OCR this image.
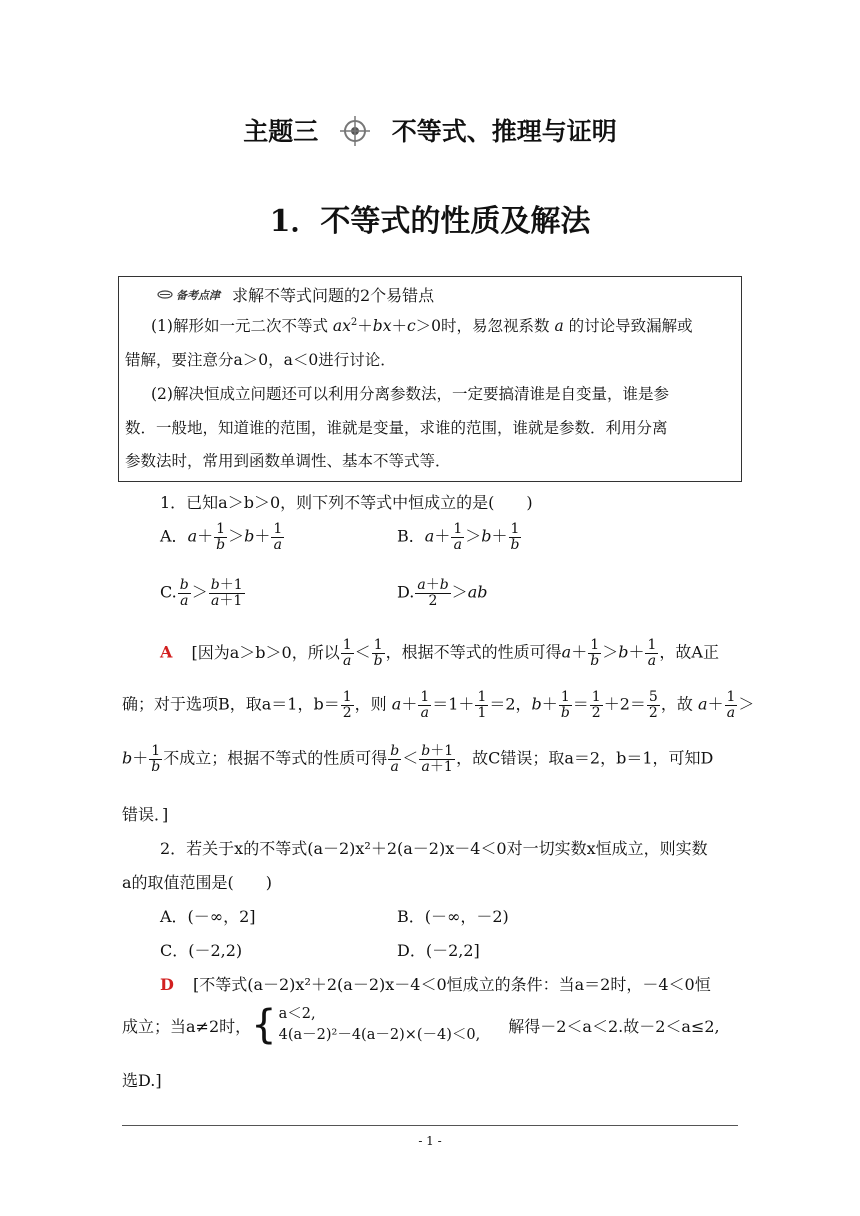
主题三	不等式、推理与证明
1．不等式的性质及解法
备考点津 求解不等式问题的2个易错点
(1)解形如一元二次不等式 $ax^2+bx+c>0$时，易忽视系数 a 的讨论导致漏解或
错解，要注意分a＞0，a＜0进行讨论．
(2)解决恒成立问题还可以利用分离参数法，一定要搞清谁是自变量，谁是参
数．一般地，知道谁的范围，谁就是变量，求谁的范围，谁就是参数．利用分离
参数法时，常用到函数单调性、基本不等式等．
1．已知a＞b＞0，则下列不等式中恒成立的是(　　)
A．$a+ \frac{1}{b} >b+ \frac{1}{a}$	B．$a+ \frac{1}{a} >b+ \frac{1}{b}$
C. $\frac{b}{a} > \frac{b+1}{a+1}$	D. $\frac{a+b}{2} >ab$
A [因为a＞b＞0，所以 $\frac{1}{a} < \frac{1}{b}$ ，根据不等式的性质可得$a+ \frac{1}{b} >b+ \frac{1}{a}$ ，故A正
确；对于选项B，取a＝1，$b= \frac{1}{2}$ ，则 $a+ \frac{1}{a} =1+ \frac{1}{1} =2$，$b+ \frac{1}{b} = \frac{1}{2} +2= \frac{5}{2}$ ，故 $a+ \frac{1}{a}$ ＞
$b+ \frac{1}{b}$ 不成立；根据不等式的性质可得 $\frac{b}{a} < \frac{b+1}{a+1}$ ，故C错误；取a＝2，b＝1，可知D
错误．]
2．若关于x的不等式(a－2)x²＋2(a－2)x－4＜0对一切实数x恒成立，则实数
a的取值范围是(　　)
A．(－∞，2]	B．(－∞，－2)
C．(－2,2)	D．(－2,2]
D [不等式(a－2)x²＋2(a－2)x－4＜0恒成立的条件：当a＝2时，－4＜0恒
成立；当a≠2时， { a＜2,
4(a－2)²－4(a－2)×(－4)＜0, 解得－2＜a＜2.故－2＜a≤2,
选D.]
- 1 -
